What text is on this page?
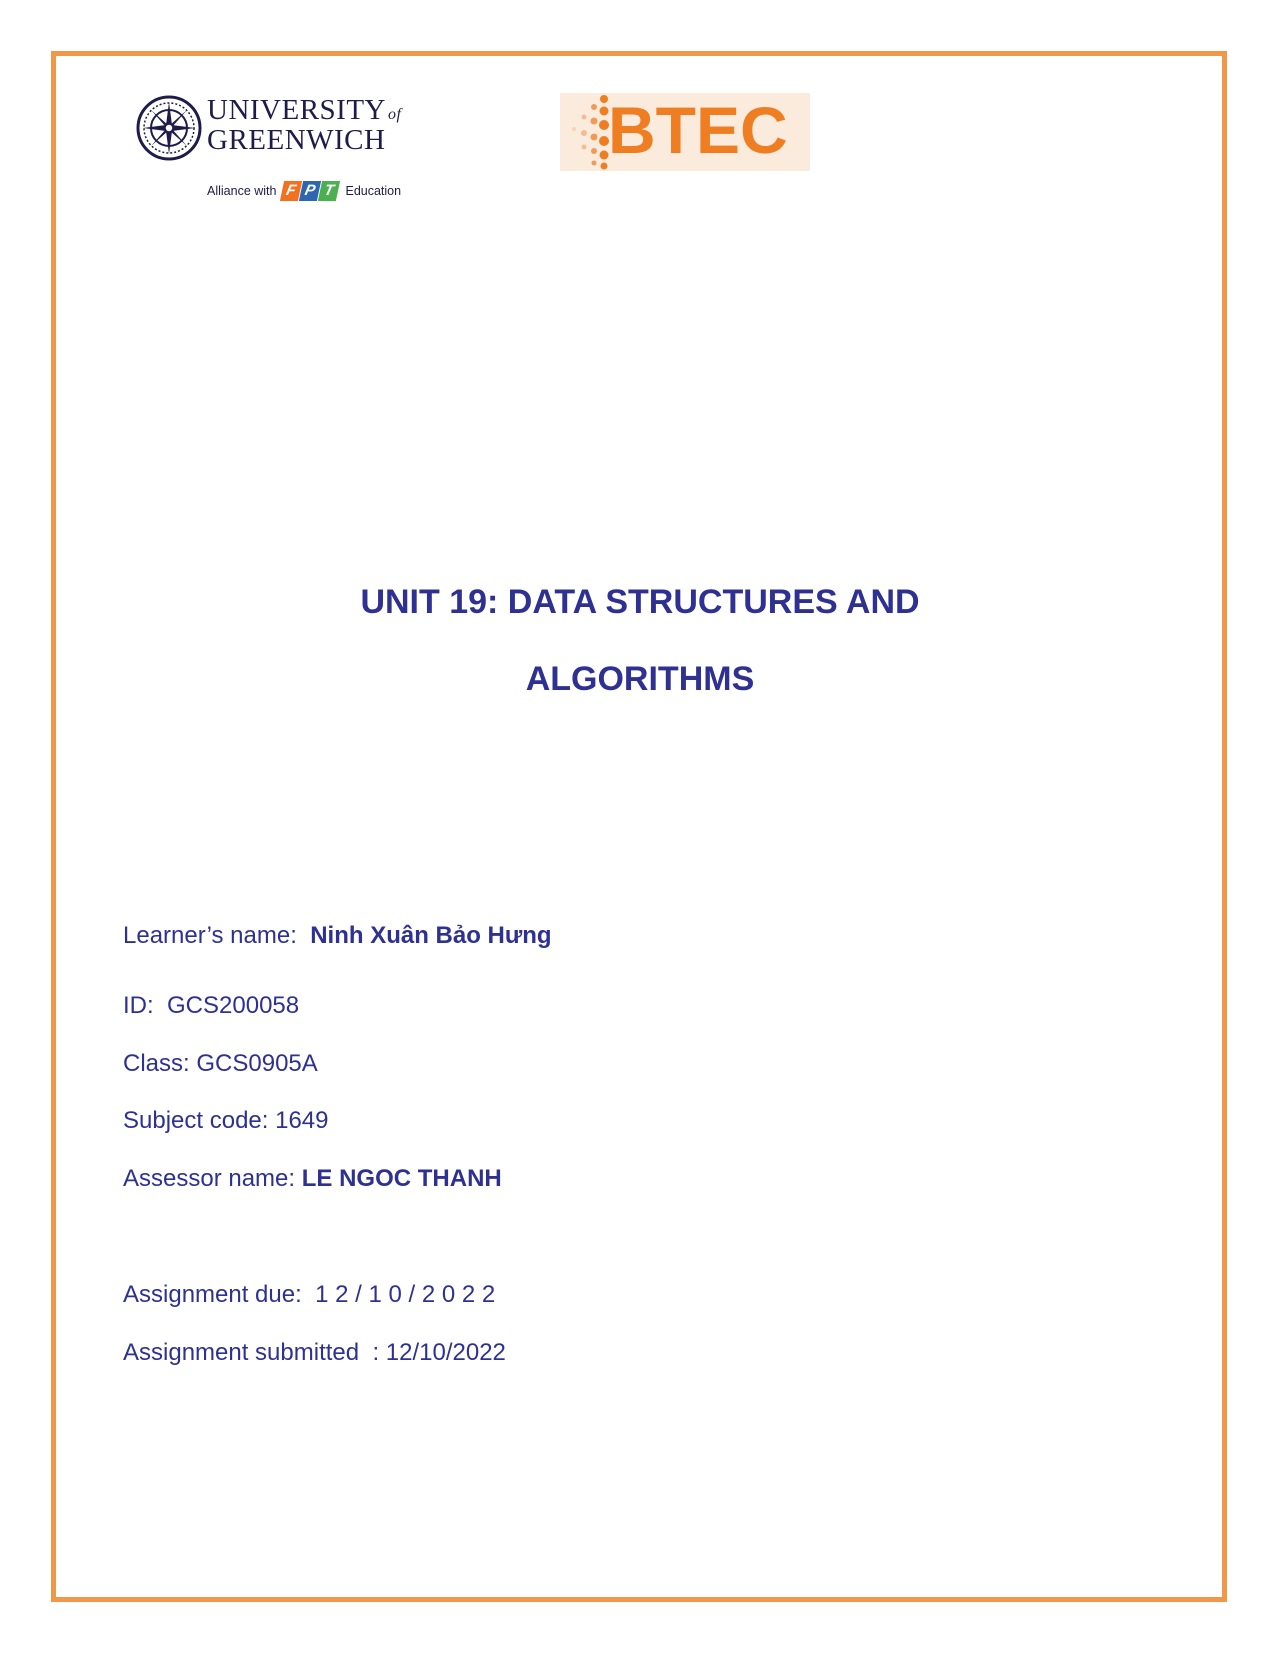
UNIVERSITY of
GREENWICH
Alliance with F P T Education
BTEC
UNIT 19: DATA STRUCTURES AND
ALGORITHMS
Learner’s name:  Ninh Xuân Bảo Hưng
ID:  GCS200058
Class: GCS0905A
Subject code: 1649
Assessor name: LE NGOC THANH
Assignment due:  1 2 / 1 0 / 2 0 2 2
Assignment submitted  : 12/10/2022
